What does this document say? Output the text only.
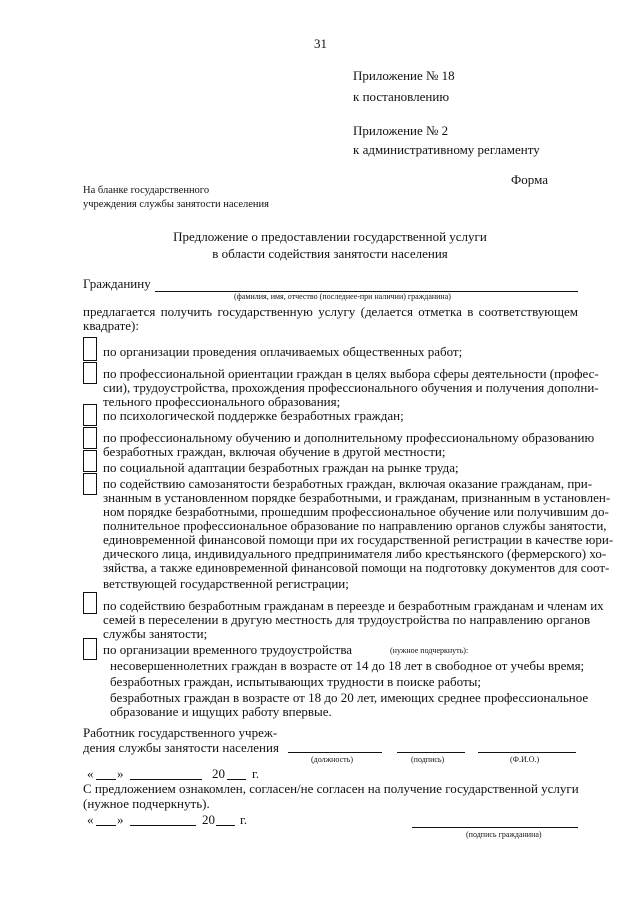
31
Приложение № 18
к постановлению
Приложение № 2
к административному регламенту
Форма
На бланке государственного
учреждения службы занятости населения
Предложение о предоставлении государственной услуги
в области содействия занятости населения
Гражданину
(фамилия, имя, отчество (последнее-при наличии) гражданина)
предлагается получить государственную услугу (делается отметка в соответствующем
квадрате):
по организации проведения оплачиваемых общественных работ;
по профессиональной ориентации граждан в целях выбора сферы деятельности (профес-
сии), трудоустройства, прохождения профессионального обучения и получения дополни-
тельного профессионального образования;
по психологической поддержке безработных граждан;
по профессиональному обучению и дополнительному профессиональному образованию
безработных граждан, включая обучение в другой местности;
по социальной адаптации безработных граждан на рынке труда;
по содействию самозанятости безработных граждан, включая оказание гражданам, при-
знанным в установленном порядке безработными, и гражданам, признанным в установлен-
ном порядке безработными, прошедшим профессиональное обучение или получившим до-
полнительное профессиональное образование по направлению органов службы занятости,
единовременной финансовой помощи при их государственной регистрации в качестве юри-
дического лица, индивидуального предпринимателя либо крестьянского (фермерского) хо-
зяйства, а также единовременной финансовой помощи на подготовку документов для соот-
ветствующей государственной регистрации;
по содействию безработным гражданам в переезде и безработным гражданам и членам их
семей в переселении в другую местность для трудоустройства по направлению органов
службы занятости;
по организации временного трудоустройства	(нужное подчеркнуть):
несовершеннолетних граждан в возрасте от 14 до 18 лет в свободное от учебы время;
безработных граждан, испытывающих трудности в поиске работы;
безработных граждан в возрасте от 18 до 20 лет, имеющих среднее профессиональное
образование и ищущих работу впервые.
Работник государственного учреж-
дения службы занятости населения
(должность)	(подпись)	(Ф.И.О.)
« »	20 г.
С предложением ознакомлен, согласен/не согласен на получение государственной услуги
(нужное подчеркнуть).
« »	20 г.
(подпись гражданина)
